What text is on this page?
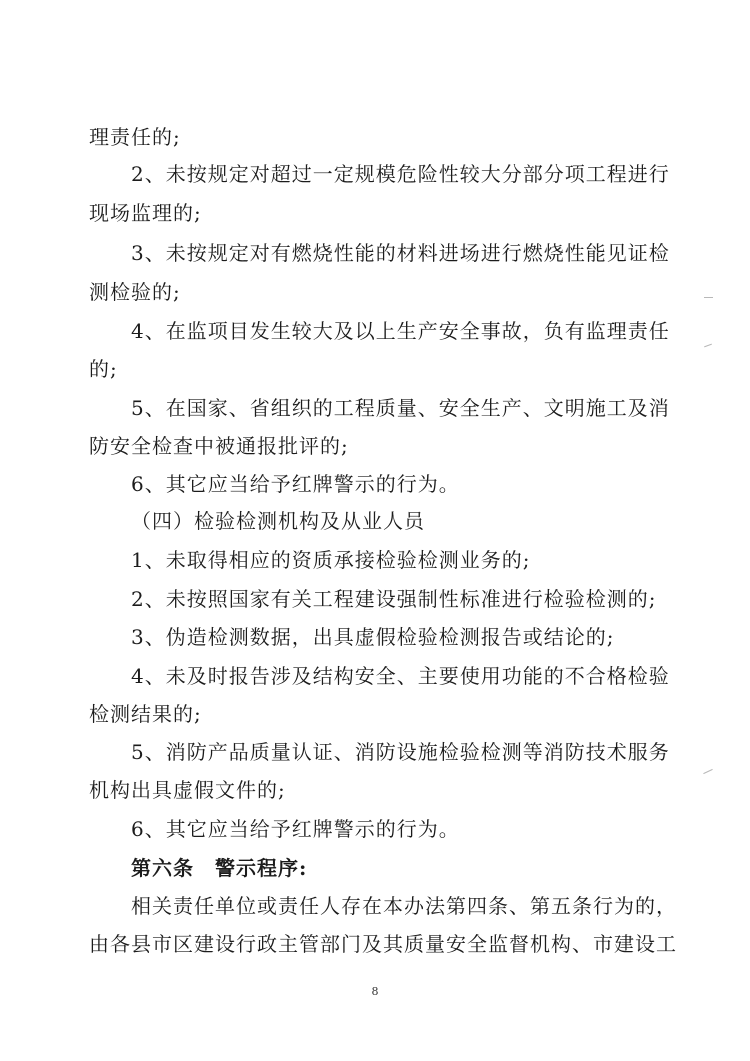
理责任的;
2、未按规定对超过一定规模危险性较大分部分项工程进行
现场监理的;
3、未按规定对有燃烧性能的材料进场进行燃烧性能见证检
测检验的;
4、在监项目发生较大及以上生产安全事故，负有监理责任
的;
5、在国家、省组织的工程质量、安全生产、文明施工及消
防安全检查中被通报批评的;
6、其它应当给予红牌警示的行为。
（四）检验检测机构及从业人员
1、未取得相应的资质承接检验检测业务的;
2、未按照国家有关工程建设强制性标准进行检验检测的;
3、伪造检测数据，出具虚假检验检测报告或结论的;
4、未及时报告涉及结构安全、主要使用功能的不合格检验
检测结果的;
5、消防产品质量认证、消防设施检验检测等消防技术服务
机构出具虚假文件的;
6、其它应当给予红牌警示的行为。
第六条　警示程序:
相关责任单位或责任人存在本办法第四条、第五条行为的，
由各县市区建设行政主管部门及其质量安全监督机构、市建设工
8
